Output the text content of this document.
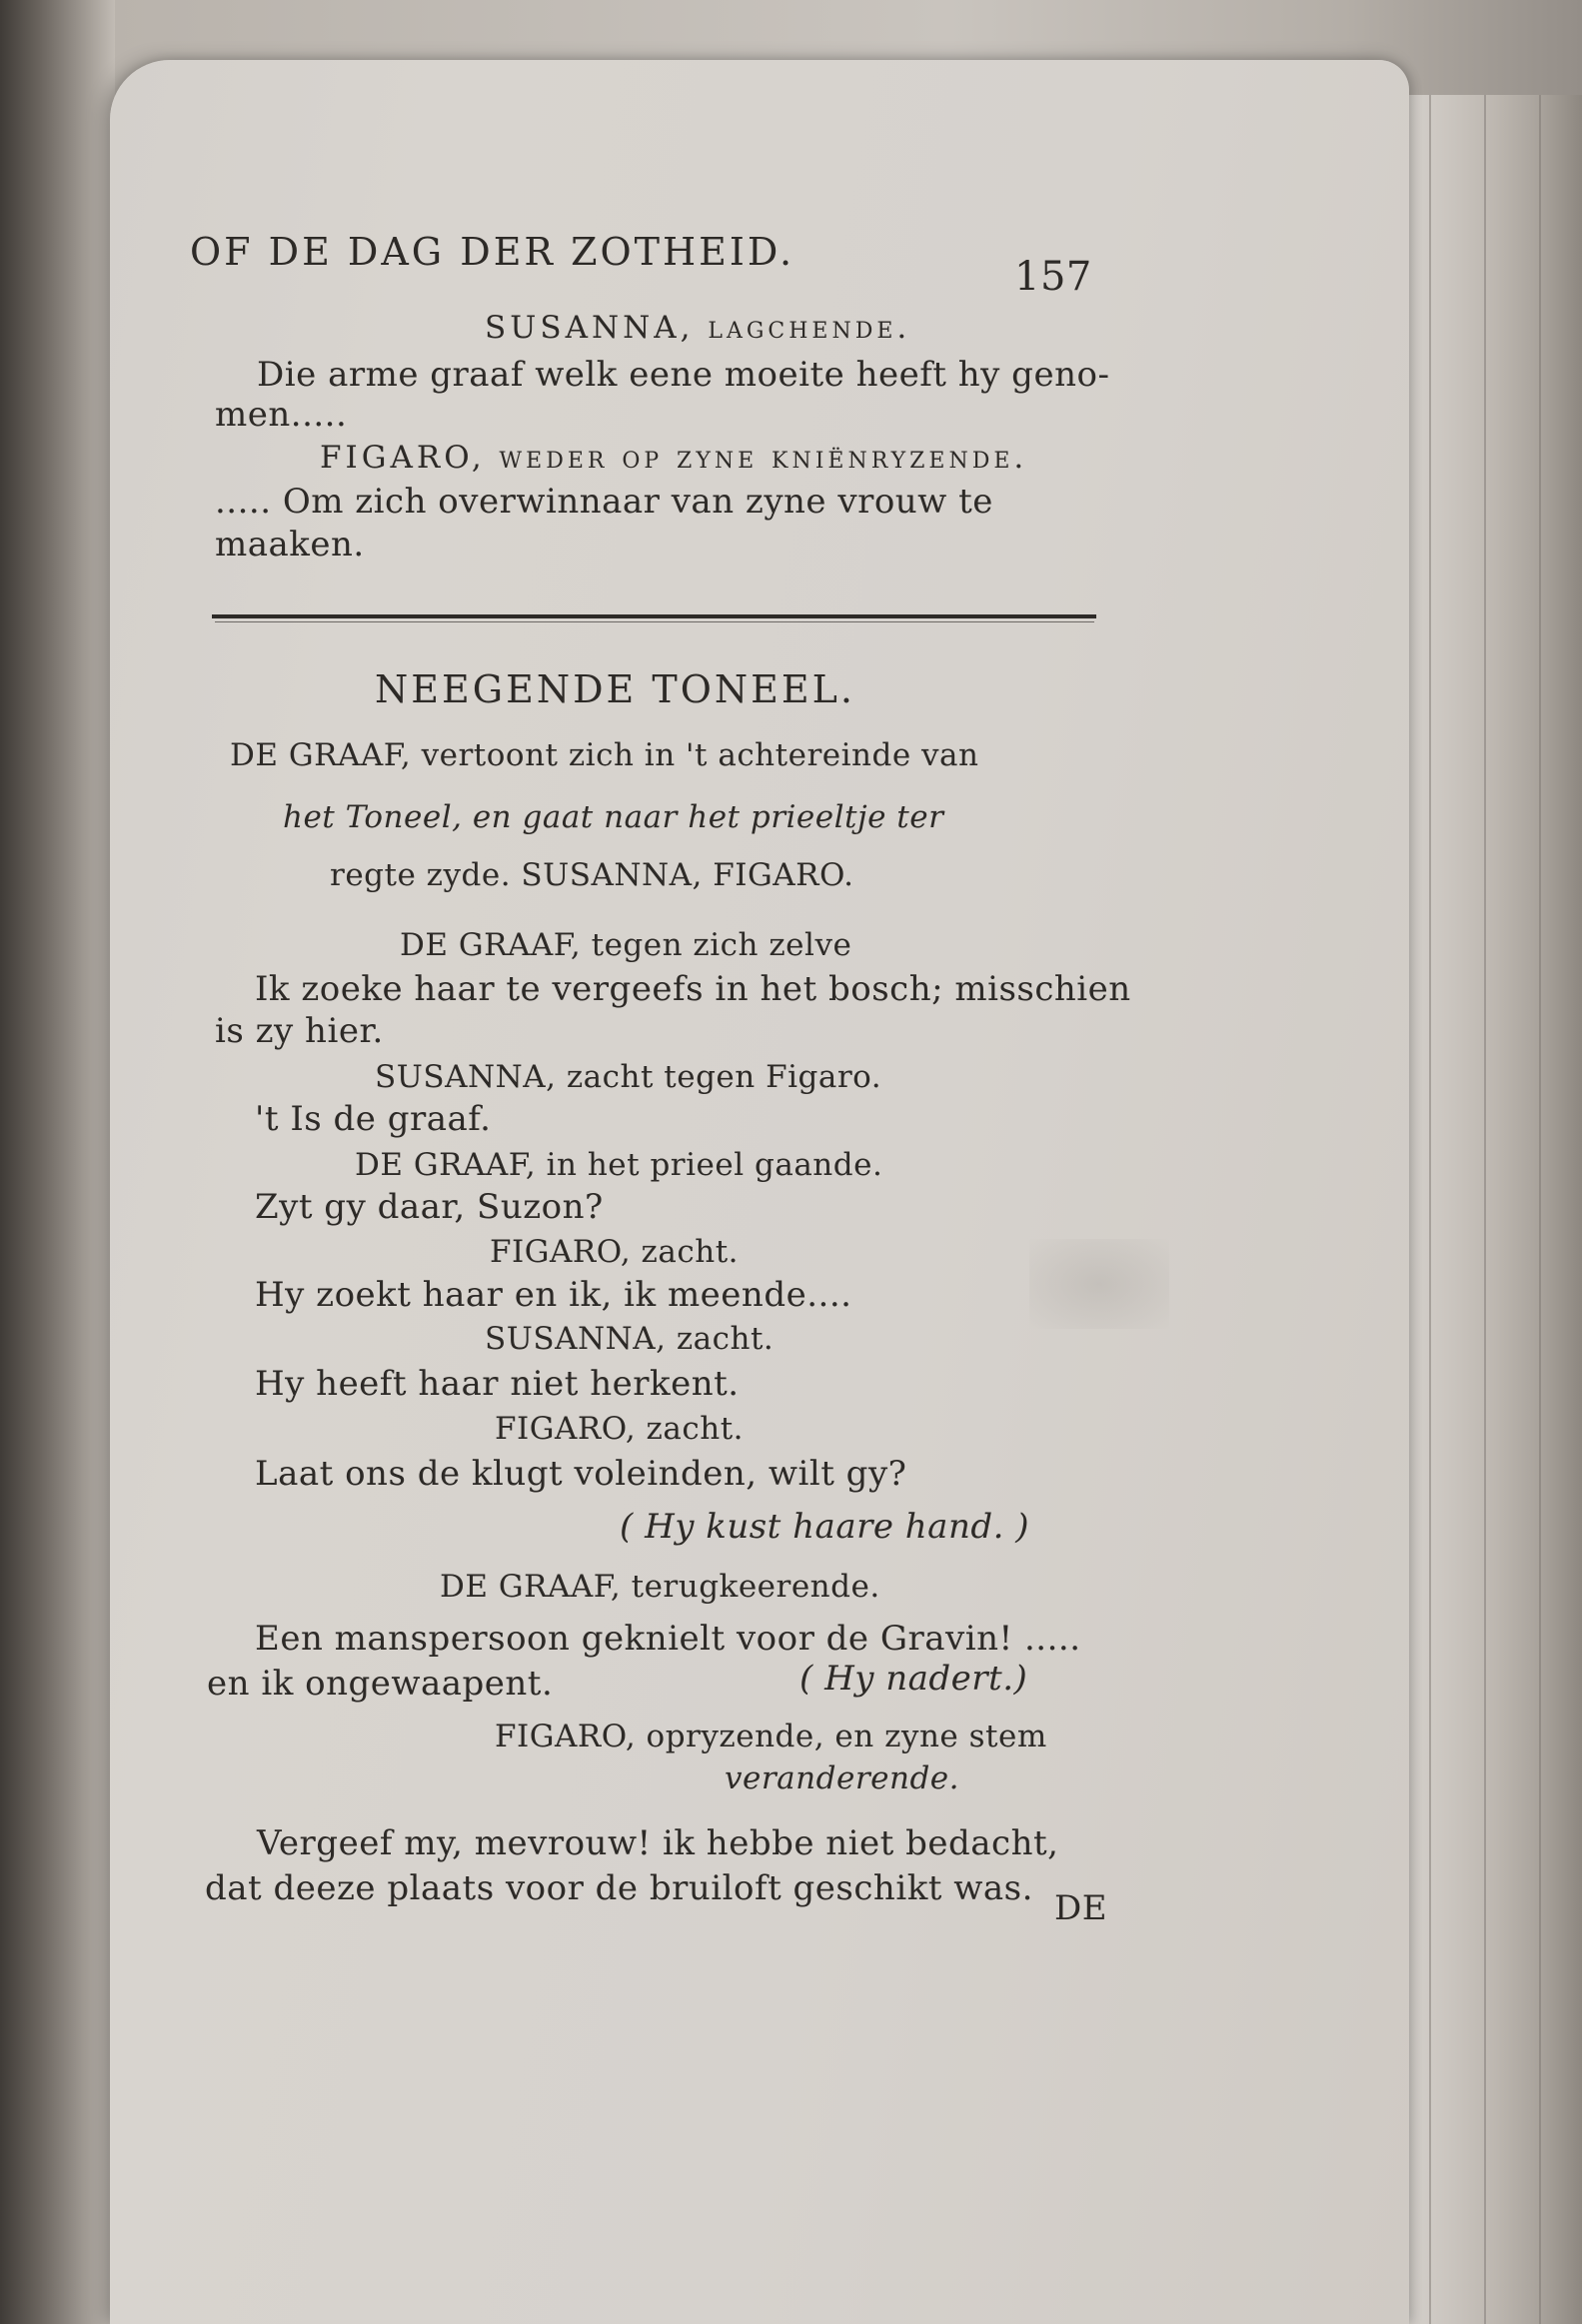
OF DE DAG DER ZOTHEID.
157
SUSANNA, lagchende.
Die arme graaf welk eene moeite heeft hy geno-
men.....
FIGARO, weder op zyne kniënryzende.
..... Om zich overwinnaar van zyne vrouw te
maaken.
NEEGENDE TONEEL.
DE GRAAF, vertoont zich in 't achtereinde van
het Toneel, en gaat naar het prieeltje ter
regte zyde. SUSANNA, FIGARO.
DE GRAAF, tegen zich zelve
Ik zoeke haar te vergeefs in het bosch; misschien
is zy hier.
SUSANNA, zacht tegen Figaro.
't Is de graaf.
DE GRAAF, in het prieel gaande.
Zyt gy daar, Suzon?
FIGARO, zacht.
Hy zoekt haar en ik, ik meende....
SUSANNA, zacht.
Hy heeft haar niet herkent.
FIGARO, zacht.
Laat ons de klugt voleinden, wilt gy?
( Hy kust haare hand. )
DE GRAAF, terugkeerende.
Een manspersoon geknielt voor de Gravin! .....
en ik ongewaapent.	( Hy nadert.)
FIGARO, opryzende, en zyne stem
veranderende.
Vergeef my, mevrouw! ik hebbe niet bedacht,
dat deeze plaats voor de bruiloft geschikt was. DE
